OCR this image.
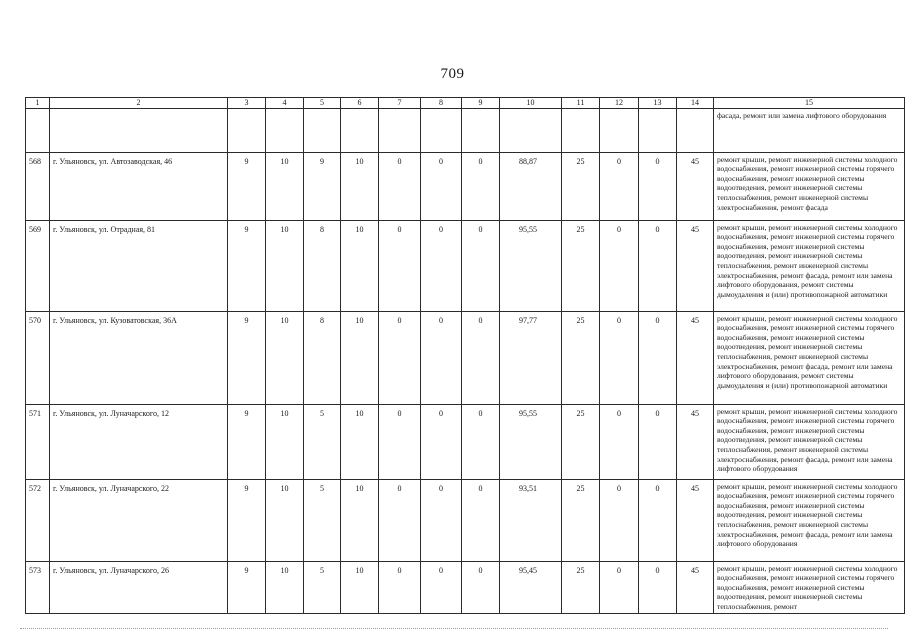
709
1	2	3	4	5	6	7	8	9	10	11	12	13	14	15
														фасада, ремонт или замена лифтового оборудования
568	г. Ульяновск, ул. Автозаводская, 46	9	10	9	10	0	0	0	88,87	25	0	0	45	ремонт крыши, ремонт инженерной системы холодного водоснабжения, ремонт инженерной системы горячего водоснабжения, ремонт инженерной системы водоотведения, ремонт инженерной системы теплоснабжения, ремонт инженерной системы электроснабжения, ремонт фасада
569	г. Ульяновск, ул. Отрадная, 81	9	10	8	10	0	0	0	95,55	25	0	0	45	ремонт крыши, ремонт инженерной системы холодного водоснабжения, ремонт инженерной системы горячего водоснабжения, ремонт инженерной системы водоотведения, ремонт инженерной системы теплоснабжения, ремонт инженерной системы электроснабжения, ремонт фасада, ремонт или замена лифтового оборудования, ремонт системы дымоудаления и (или) противопожарной автоматики
570	г. Ульяновск, ул. Кузоватовская, 36А	9	10	8	10	0	0	0	97,77	25	0	0	45	ремонт крыши, ремонт инженерной системы холодного водоснабжения, ремонт инженерной системы горячего водоснабжения, ремонт инженерной системы водоотведения, ремонт инженерной системы теплоснабжения, ремонт инженерной системы электроснабжения, ремонт фасада, ремонт или замена лифтового оборудования, ремонт системы дымоудаления и (или) противопожарной автоматики
571	г. Ульяновск, ул. Луначарского, 12	9	10	5	10	0	0	0	95,55	25	0	0	45	ремонт крыши, ремонт инженерной системы холодного водоснабжения, ремонт инженерной системы горячего водоснабжения, ремонт инженерной системы водоотведения, ремонт инженерной системы теплоснабжения, ремонт инженерной системы электроснабжения, ремонт фасада, ремонт или замена лифтового оборудования
572	г. Ульяновск, ул. Луначарского, 22	9	10	5	10	0	0	0	93,51	25	0	0	45	ремонт крыши, ремонт инженерной системы холодного водоснабжения, ремонт инженерной системы горячего водоснабжения, ремонт инженерной системы водоотведения, ремонт инженерной системы теплоснабжения, ремонт инженерной системы электроснабжения, ремонт фасада, ремонт или замена лифтового оборудования
573	г. Ульяновск, ул. Луначарского, 26	9	10	5	10	0	0	0	95,45	25	0	0	45	ремонт крыши, ремонт инженерной системы холодного водоснабжения, ремонт инженерной системы горячего водоснабжения, ремонт инженерной системы водоотведения, ремонт инженерной системы теплоснабжения, ремонт
